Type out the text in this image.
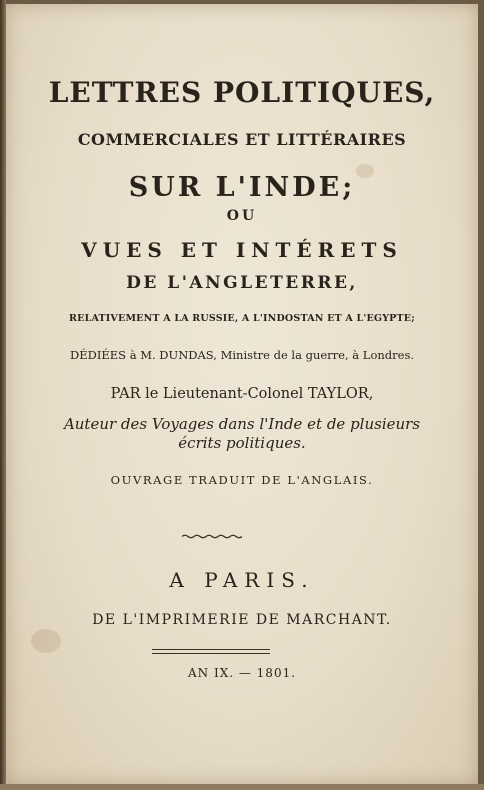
LETTRES POLITIQUES,
COMMERCIALES ET LITTÉRAIRES
SUR L'INDE;
OU
VUES ET INTÉRETS
DE L'ANGLETERRE,
RELATIVEMENT A LA RUSSIE, A L'INDOSTAN ET A L'EGYPTE;
DÉDIÉES à M. DUNDAS, Ministre de la guerre, à Londres.
PAR le Lieutenant-Colonel TAYLOR,
Auteur des Voyages dans l'Inde et de plusieurs
écrits politiques.
OUVRAGE TRADUIT DE L'ANGLAIS.
A PARIS.
DE L'IMPRIMERIE DE MARCHANT.
AN IX. — 1801.
